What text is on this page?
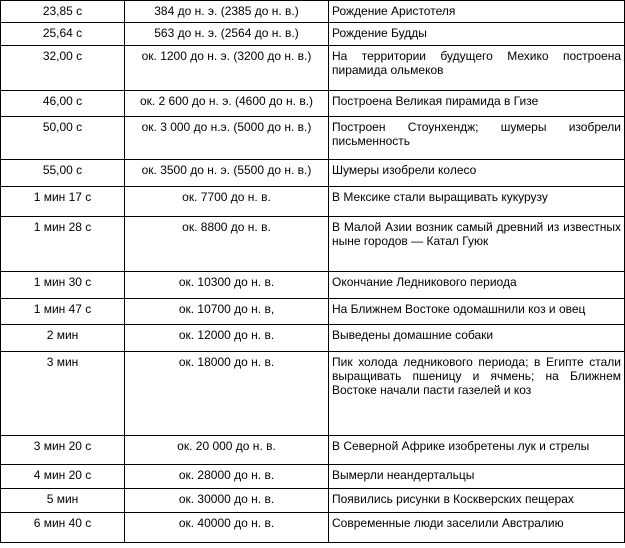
23,85 с	384 до н. э. (2385 до н. в.)	Рождение Аристотеля
25,64 с	563 до н. э. (2564 до н. в.)	Рождение Будды
32,00 с	ок. 1200 до н. э. (3200 до н. в.)	На территории будущего Мехико построена пирамида ольмеков
46,00 с	ок. 2 600 до н. э. (4600 до н. в.)	Построена Великая пирамида в Гизе
50,00 с	ок. 3 000 до н.э. (5000 до н. в.)	Построен Стоунхендж; шумеры изобрели письменность
55,00 с	ок. 3500 до н. э. (5500 до н. в.)	Шумеры изобрели колесо
1 мин 17 с	ок. 7700 до н. в.	В Мексике стали выращивать кукурузу
1 мин 28 с	ок. 8800 до н. в.	В Малой Азии возник самый древний из известных ныне городов — Катал Гуюк
1 мин 30 с	ок. 10300 до н. в.	Окончание Ледникового периода
1 мин 47 с	ок. 10700 до н. в,	На Ближнем Востоке одомашнили коз и овец
2 мин	ок. 12000 до н. в.	Выведены домашние собаки
3 мин	ок. 18000 до н. в.	Пик холода ледникового периода; в Египте стали выращивать пшеницу и ячмень; на Ближнем Востоке начали пасти газелей и коз
3 мин 20 с	ок. 20 000 до н. в.	В Северной Африке изобретены лук и стрелы
4 мин 20 с	ок. 28000 до н. в.	Вымерли неандертальцы
5 мин	ок. 30000 до н. в.	Появились рисунки в Коскверских пещерах
6 мин 40 с	ок. 40000 до н. в.	Современные люди заселили Австралию
